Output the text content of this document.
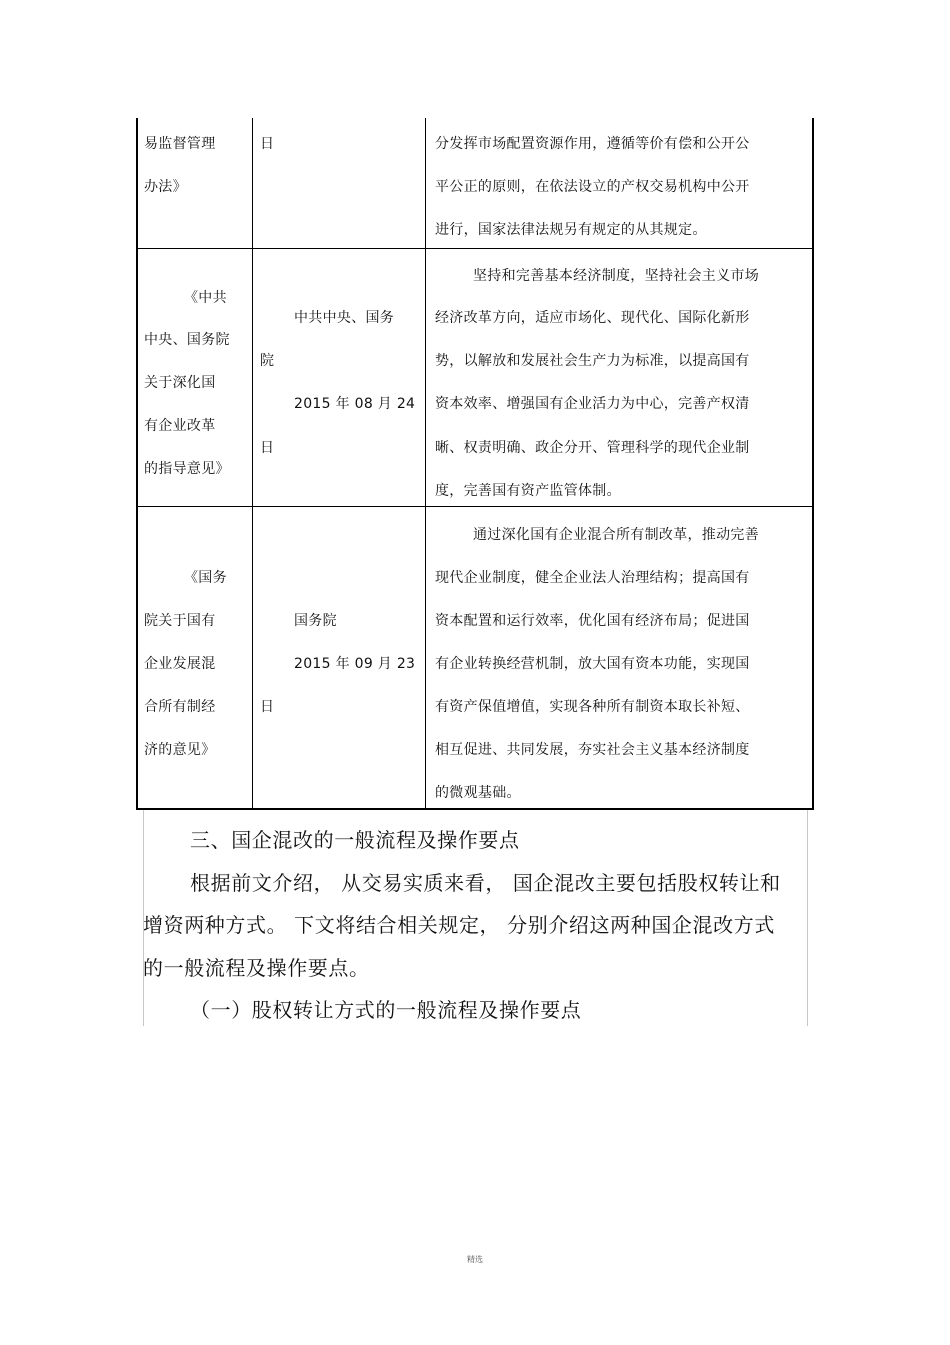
易监督管理
办法》
日	分发挥市场配置资源作用，遵循等价有偿和公开公
平公正的原则，在依法设立的产权交易机构中公开
进行，国家法律法规另有规定的从其规定。
《中共
中央、国务院
关于深化国
有企业改革
的指导意见》
中共中央、国务
院
2015 年 08 月 24
日
坚持和完善基本经济制度，坚持社会主义市场
经济改革方向，适应市场化、现代化、国际化新形
势，以解放和发展社会生产力为标准，以提高国有
资本效率、增强国有企业活力为中心，完善产权清
晰、权责明确、政企分开、管理科学的现代企业制
度，完善国有资产监管体制。
《国务
院关于国有
企业发展混
合所有制经
济的意见》
国务院
2015 年 09 月 23
日
通过深化国有企业混合所有制改革，推动完善
现代企业制度，健全企业法人治理结构；提高国有
资本配置和运行效率，优化国有经济布局；促进国
有企业转换经营机制，放大国有资本功能，实现国
有资产保值增值，实现各种所有制资本取长补短、
相互促进、共同发展，夯实社会主义基本经济制度
的微观基础。
三、国企混改的一般流程及操作要点
根据前文介绍， 从交易实质来看， 国企混改主要包括股权转让和
增资两种方式。 下文将结合相关规定， 分别介绍这两种国企混改方式
的一般流程及操作要点。
（一）股权转让方式的一般流程及操作要点
精选
